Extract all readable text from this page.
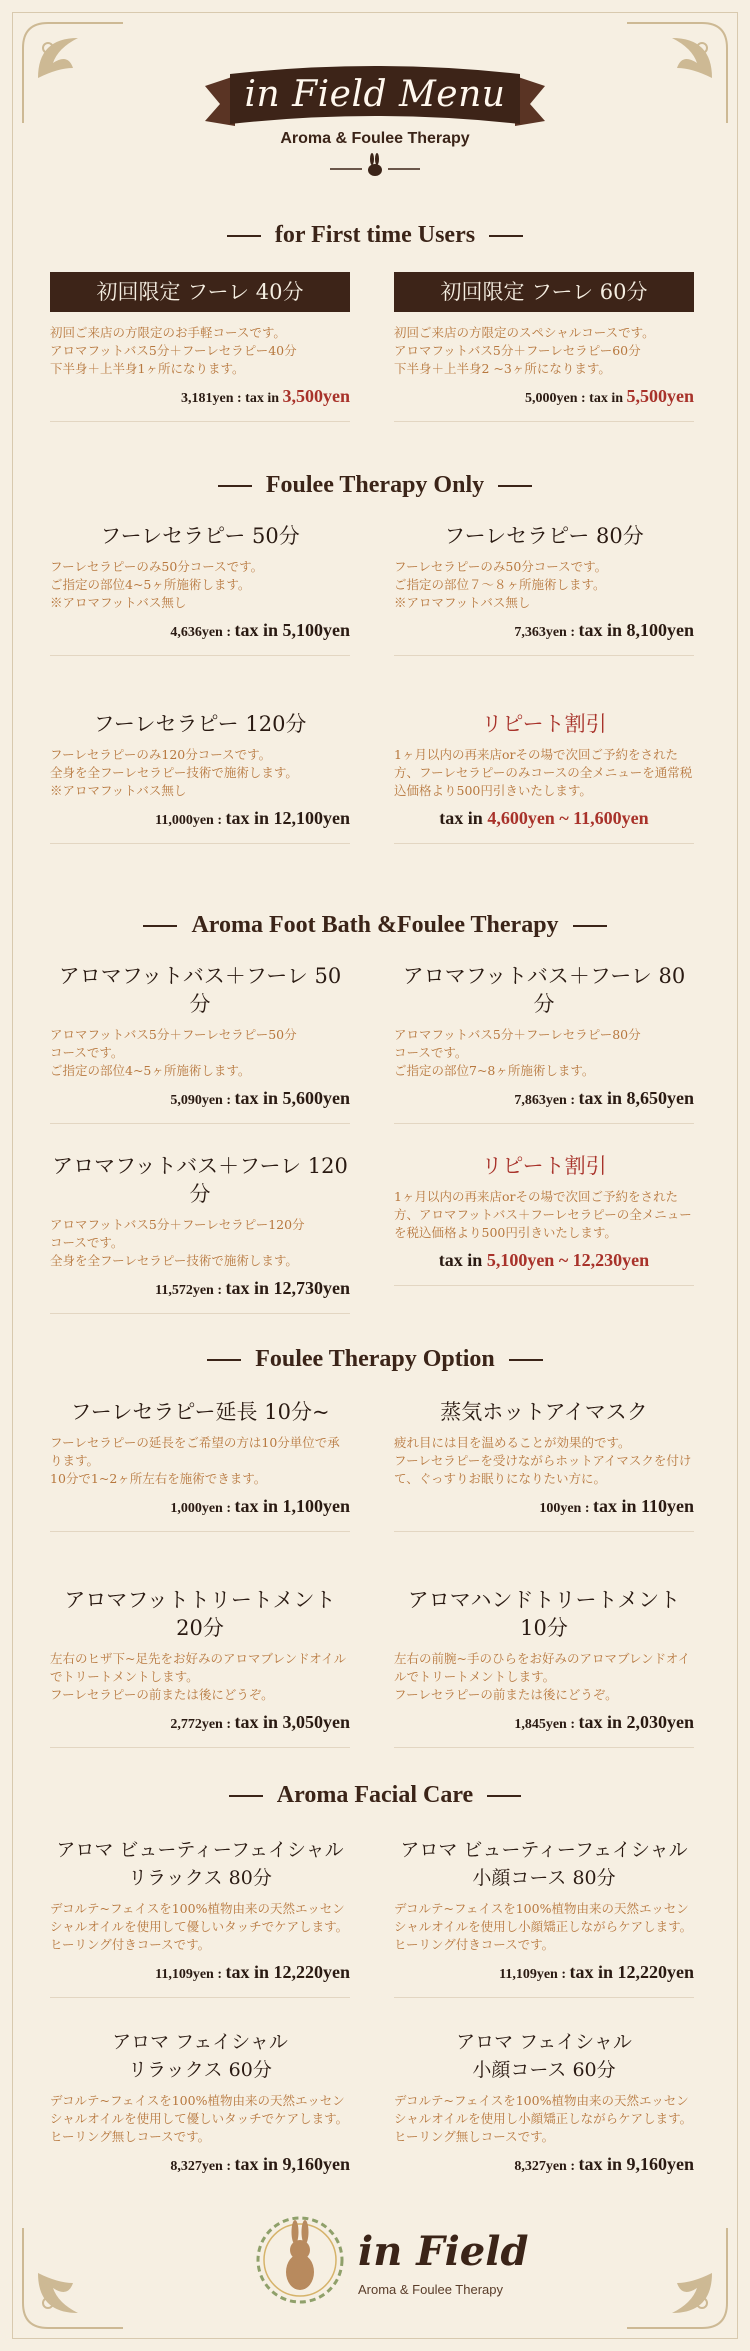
in Field Menu
Aroma & Foulee Therapy
for First time Users
初回限定 フーレ 40分
初回ご来店の方限定のお手軽コースです。
アロマフットバス5分＋フーレセラピー40分
下半身＋上半身1ヶ所になります。
3,181yen : tax in 3,500yen
初回限定 フーレ 60分
初回ご来店の方限定のスペシャルコースです。
アロマフットバス5分＋フーレセラピー60分
下半身＋上半身2 ~3ヶ所になります。
5,000yen : tax in 5,500yen
Foulee Therapy Only
フーレセラピー 50分
フーレセラピーのみ50分コースです。
ご指定の部位4~5ヶ所施術します。
※アロマフットバス無し
4,636yen : tax in 5,100yen
フーレセラピー 80分
フーレセラピーのみ50分コースです。
ご指定の部位７～８ヶ所施術します。
※アロマフットバス無し
7,363yen : tax in 8,100yen
フーレセラピー 120分
フーレセラピーのみ120分コースです。
全身を全フーレセラピー技術で施術します。
※アロマフットバス無し
11,000yen : tax in 12,100yen
リピート割引
1ヶ月以内の再来店orその場で次回ご予約をされた方、フーレセラピーのみコースの全メニューを通常税込価格より500円引きいたします。
tax in 4,600yen ~ 11,600yen
Aroma Foot Bath &Foulee Therapy
アロマフットバス＋フーレ 50分
アロマフットバス5分＋フーレセラピー50分
コースです。
ご指定の部位4~5ヶ所施術します。
5,090yen : tax in 5,600yen
アロマフットバス＋フーレ 80分
アロマフットバス5分＋フーレセラピー80分
コースです。
ご指定の部位7~8ヶ所施術します。
7,863yen : tax in 8,650yen
アロマフットバス＋フーレ 120分
アロマフットバス5分＋フーレセラピー120分
コースです。
全身を全フーレセラピー技術で施術します。
11,572yen : tax in 12,730yen
リピート割引
1ヶ月以内の再来店orその場で次回ご予約をされた方、アロマフットバス＋フーレセラピーの全メニューを税込価格より500円引きいたします。
tax in 5,100yen ~ 12,230yen
Foulee Therapy Option
フーレセラピー延長 10分~
フーレセラピーの延長をご希望の方は10分単位で承ります。
10分で1~2ヶ所左右を施術できます。
1,000yen : tax in 1,100yen
蒸気ホットアイマスク
疲れ目には目を温めることが効果的です。
フーレセラピーを受けながらホットアイマスクを付けて、ぐっすりお眠りになりたい方に。
100yen : tax in 110yen
アロマフットトリートメント 20分
左右のヒザ下~足先をお好みのアロマブレンドオイルでトリートメントします。
フーレセラピーの前または後にどうぞ。
2,772yen : tax in 3,050yen
アロマハンドトリートメント 10分
左右の前腕~手のひらをお好みのアロマブレンドオイルでトリートメントします。
フーレセラピーの前または後にどうぞ。
1,845yen : tax in 2,030yen
Aroma Facial Care
アロマ ビューティーフェイシャル
リラックス 80分
デコルテ~フェイスを100%植物由来の天然エッセンシャルオイルを使用して優しいタッチでケアします。ヒーリング付きコースです。
11,109yen : tax in 12,220yen
アロマ ビューティーフェイシャル
小顔コース 80分
デコルテ~フェイスを100%植物由来の天然エッセンシャルオイルを使用し小顔矯正しながらケアします。ヒーリング付きコースです。
11,109yen : tax in 12,220yen
アロマ フェイシャル
リラックス 60分
デコルテ~フェイスを100%植物由来の天然エッセンシャルオイルを使用して優しいタッチでケアします。ヒーリング無しコースです。
8,327yen : tax in 9,160yen
アロマ フェイシャル
小顔コース 60分
デコルテ~フェイスを100%植物由来の天然エッセンシャルオイルを使用し小顔矯正しながらケアします。ヒーリング無しコースです。
8,327yen : tax in 9,160yen
in Field
Aroma & Foulee Therapy
